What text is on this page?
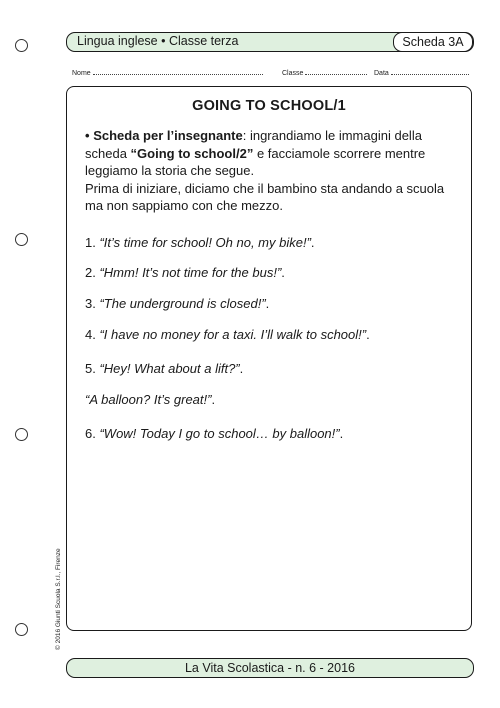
Lingua inglese • Classe terza	Scheda 3A
Nome	Classe	Data
GOING TO SCHOOL/1
• Scheda per l’insegnante: ingrandiamo le immagini della scheda “Going to school/2” e facciamole scorrere mentre leggiamo la storia che segue.
Prima di iniziare, diciamo che il bambino sta andando a scuola ma non sappiamo con che mezzo.
1. “It’s time for school! Oh no, my bike!”.
2. “Hmm! It’s not time for the bus!”.
3. “The underground is closed!”.
4. “I have no money for a taxi. I’ll walk to school!”.
5. “Hey! What about a lift?”.
“A balloon? It’s great!”.
6. “Wow! Today I go to school… by balloon!”.
© 2016 Giunti Scuola S.r.l., Firenze
La Vita Scolastica - n. 6 - 2016
